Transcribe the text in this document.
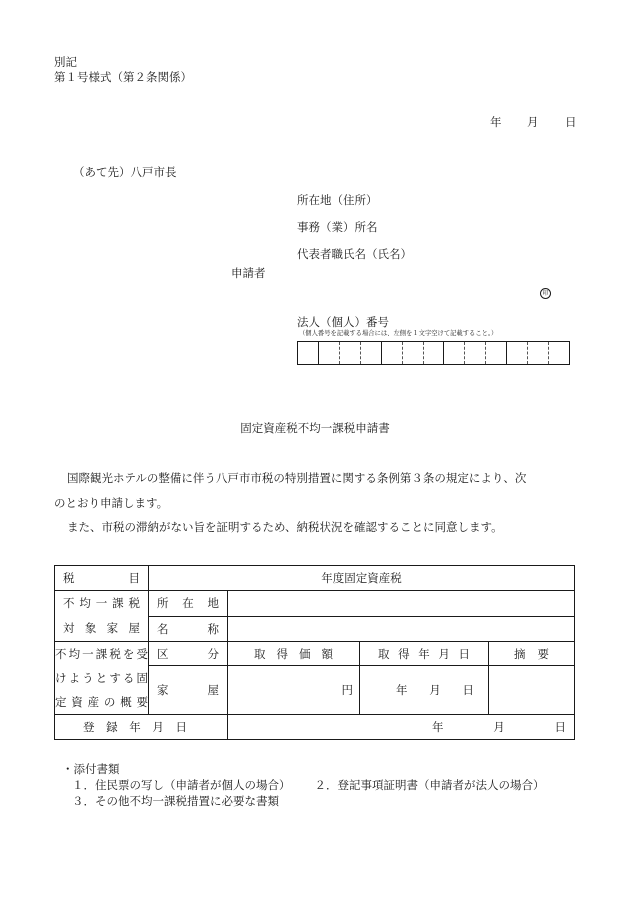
別記
第１号様式（第２条関係）
年 月 日
（あて先）八戸市長
所在地（住所）
事務（業）所名
代表者職氏名（氏名）
申請者
印
法人（個人）番号
（個人番号を記載する場合には、左側を１文字空けて記載すること。）
固定資産税不均一課税申請書
国際観光ホテルの整備に伴う八戸市市税の特別措置に関する条例第３条の規定により、次
のとおり申請します。
また、市税の滞納がない旨を証明するため、納税状況を確認することに同意します。
税　　目	年度固定資産税			

不均一課税
対象家屋	所在地			

	名称			

不均一課税を受
けようとする固
定資産の概要	区分	取得価額	取得年月日	摘要

	家屋	円	年 月 日	

登録年月日		年 月 日		
・添付書類
１．住民票の写し（申請者が個人の場合） ２．登記事項証明書（申請者が法人の場合）
３．その他不均一課税措置に必要な書類
